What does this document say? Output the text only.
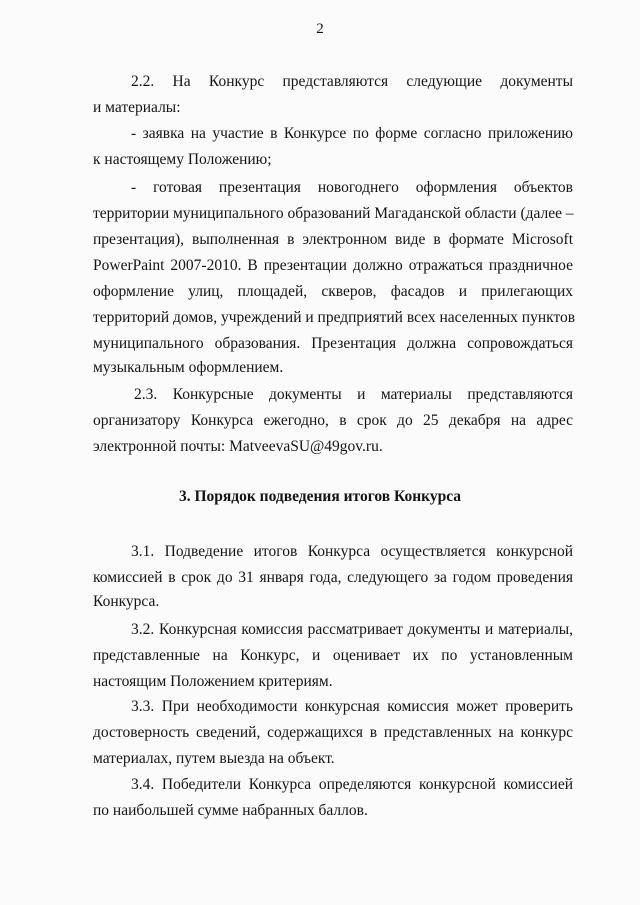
2
2.2. На Конкурс представляются следующие документы
и материалы:
- заявка на участие в Конкурсе по форме согласно приложению
к настоящему Положению;
- готовая презентация новогоднего оформления объектов
территории муниципального образований Магаданской области (далее –
презентация), выполненная в электронном виде в формате Microsoft
PowerPaint 2007-2010. В презентации должно отражаться праздничное
оформление улиц, площадей, скверов, фасадов и прилегающих
территорий домов, учреждений и предприятий всех населенных пунктов
муниципального образования. Презентация должна сопровождаться
музыкальным оформлением.
2.3. Конкурсные документы и материалы представляются
организатору Конкурса ежегодно, в срок до 25 декабря на адрес
электронной почты: MatveevaSU@49gov.ru.
3. Порядок подведения итогов Конкурса
3.1. Подведение итогов Конкурса осуществляется конкурсной
комиссией в срок до 31 января года, следующего за годом проведения
Конкурса.
3.2. Конкурсная комиссия рассматривает документы и материалы,
представленные на Конкурс, и оценивает их по установленным
настоящим Положением критериям.
3.3. При необходимости конкурсная комиссия может проверить
достоверность сведений, содержащихся в представленных на конкурс
материалах, путем выезда на объект.
3.4. Победители Конкурса определяются конкурсной комиссией
по наибольшей сумме набранных баллов.
